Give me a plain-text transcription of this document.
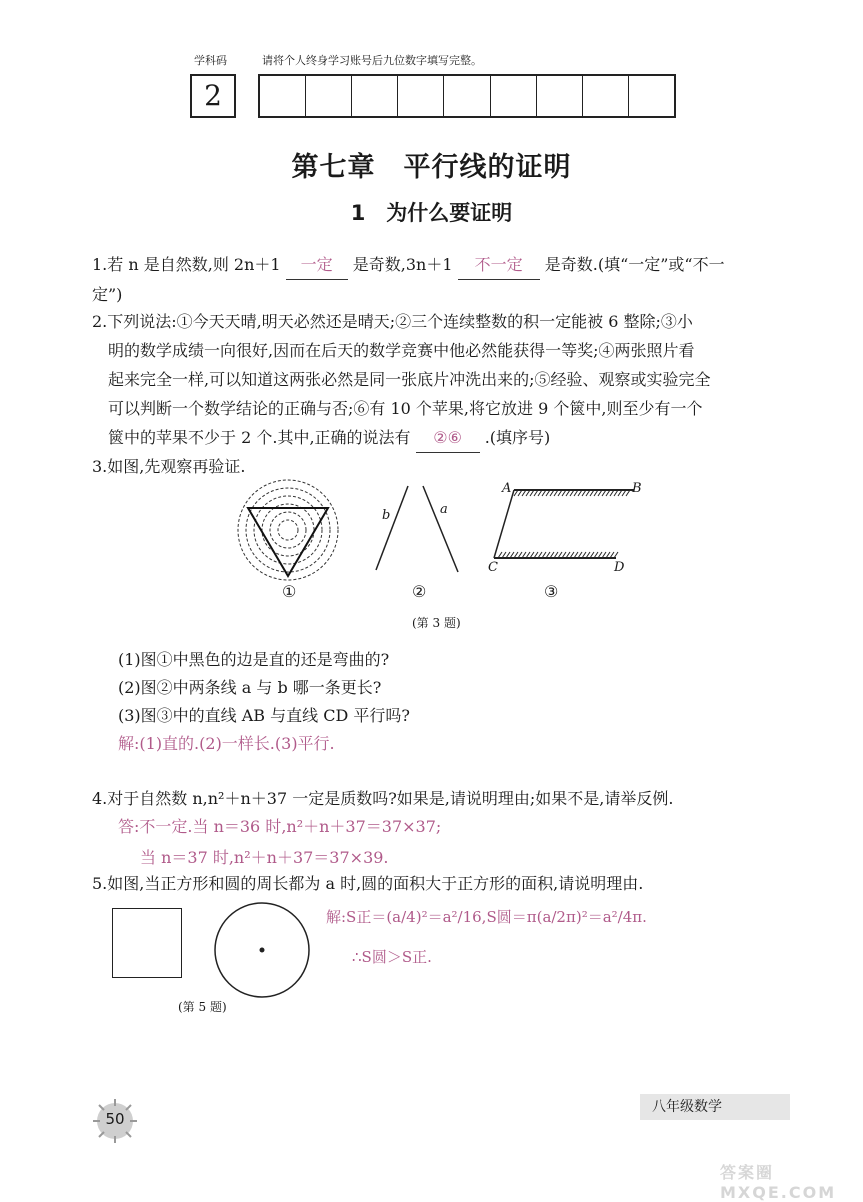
学科码	请将个人终身学习账号后九位数字填写完整。
2
第七章　平行线的证明
1　为什么要证明
1.若 n 是自然数,则 2n＋1 一定 是奇数,3n＋1 不一定 是奇数.(填“一定”或“不一
定”)
2.下列说法:①今天天晴,明天必然还是晴天;②三个连续整数的积一定能被 6 整除;③小
明的数学成绩一向很好,因而在后天的数学竞赛中他必然能获得一等奖;④两张照片看
起来完全一样,可以知道这两张必然是同一张底片冲洗出来的;⑤经验、观察或实验完全
可以判断一个数学结论的正确与否;⑥有 10 个苹果,将它放进 9 个篋中,则至少有一个
篋中的苹果不少于 2 个.其中,正确的说法有 ②⑥ .(填序号)
3.如图,先观察再验证.
b	a
A	B
C	D
①	②	③
(第 3 题)
(1)图①中黑色的边是直的还是弯曲的?
(2)图②中两条线 a 与 b 哪一条更长?
(3)图③中的直线 AB 与直线 CD 平行吗?
解:(1)直的.(2)一样长.(3)平行.
4.对于自然数 n,n²＋n＋37 一定是质数吗?如果是,请说明理由;如果不是,请举反例.
答:不一定.当 n＝36 时,n²＋n＋37＝37×37;
当 n＝37 时,n²＋n＋37＝37×39.
5.如图,当正方形和圆的周长都为 a 时,圆的面积大于正方形的面积,请说明理由.
解:S正＝(a/4)²＝a²/16,S圆＝π(a/2π)²＝a²/4π.
∴S圆＞S正.
(第 5 题)
50
八年级数学
答案圈 MXQE.COM
